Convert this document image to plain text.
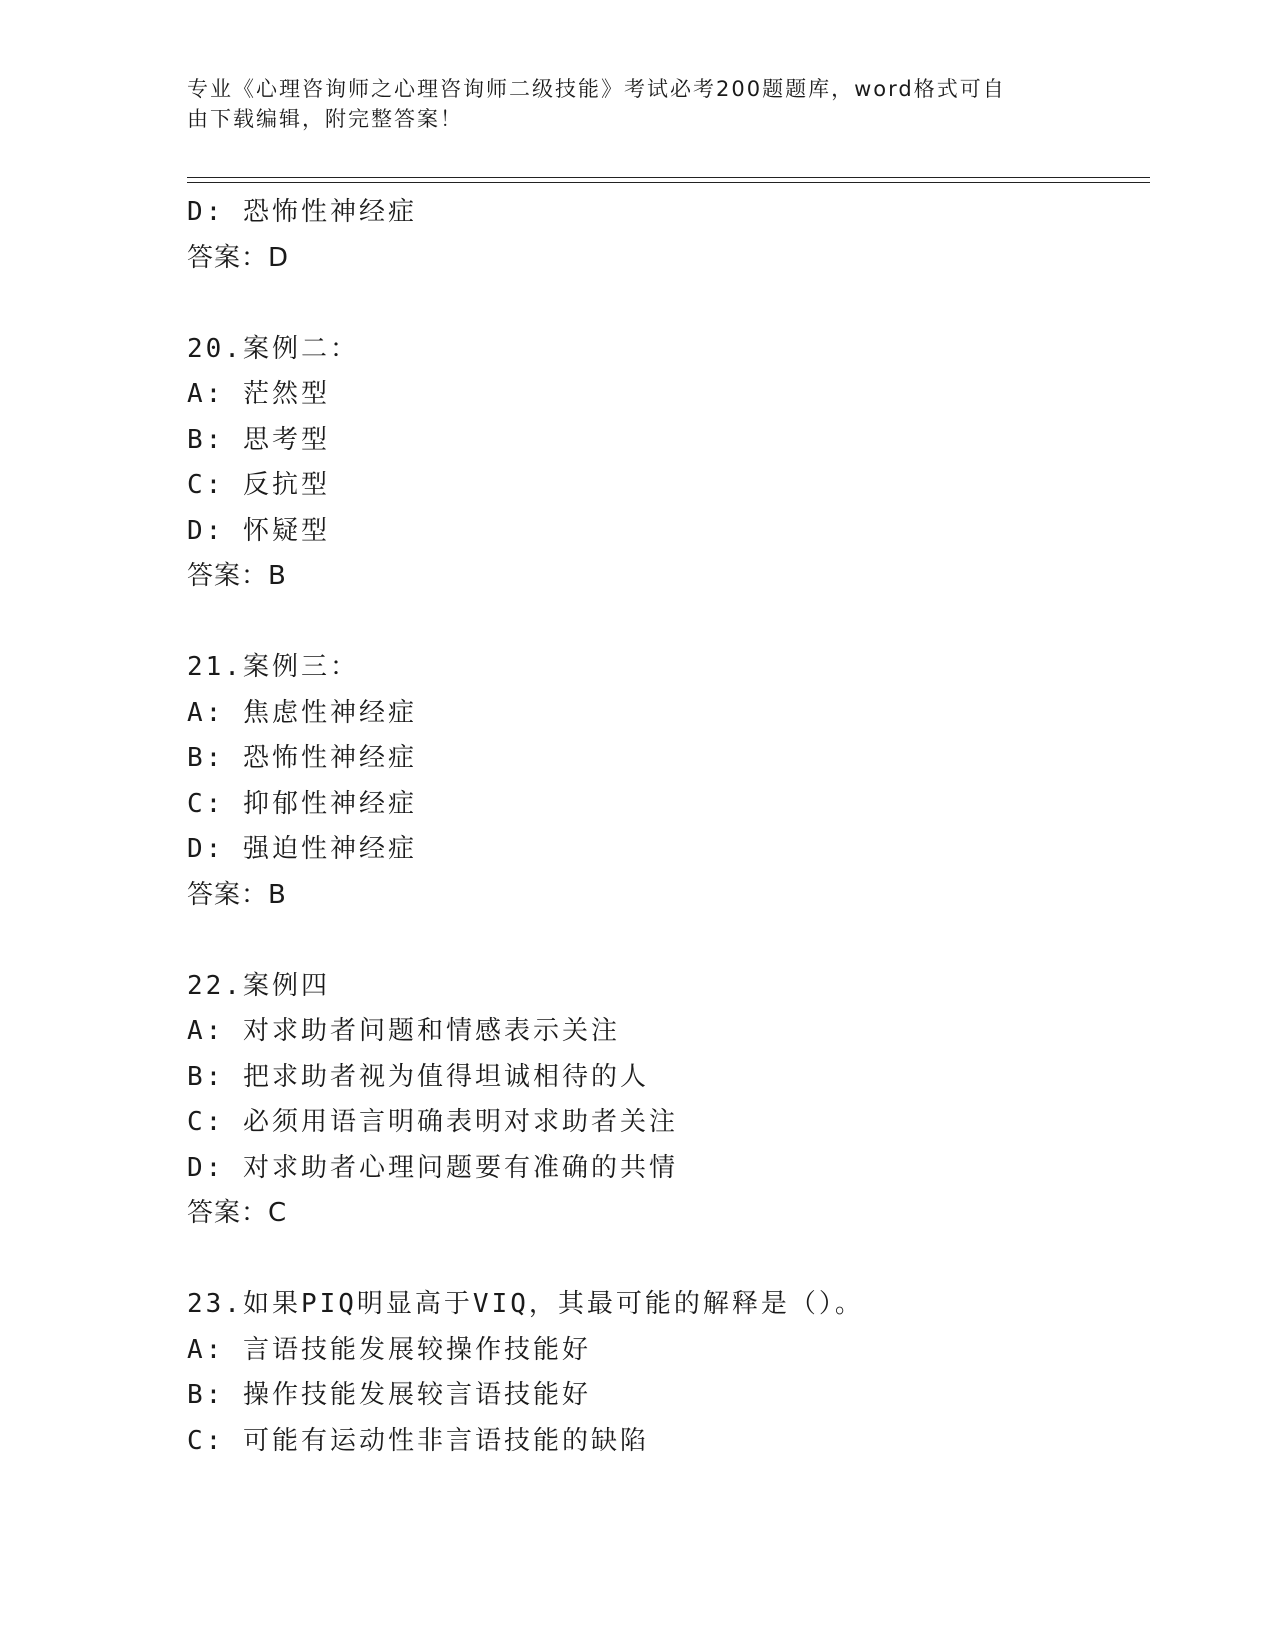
专业《心理咨询师之心理咨询师二级技能》考试必考200题题库，word格式可自
由下载编辑，附完整答案！
D: 恐怖性神经症
答案：D
20.案例二：
A: 茫然型
B: 思考型
C: 反抗型
D: 怀疑型
答案：B
21.案例三：
A: 焦虑性神经症
B: 恐怖性神经症
C: 抑郁性神经症
D: 强迫性神经症
答案：B
22.案例四
A: 对求助者问题和情感表示关注
B: 把求助者视为值得坦诚相待的人
C: 必须用语言明确表明对求助者关注
D: 对求助者心理问题要有准确的共情
答案：C
23.如果PIQ明显高于VIQ，其最可能的解释是（）。
A: 言语技能发展较操作技能好
B: 操作技能发展较言语技能好
C: 可能有运动性非言语技能的缺陷
